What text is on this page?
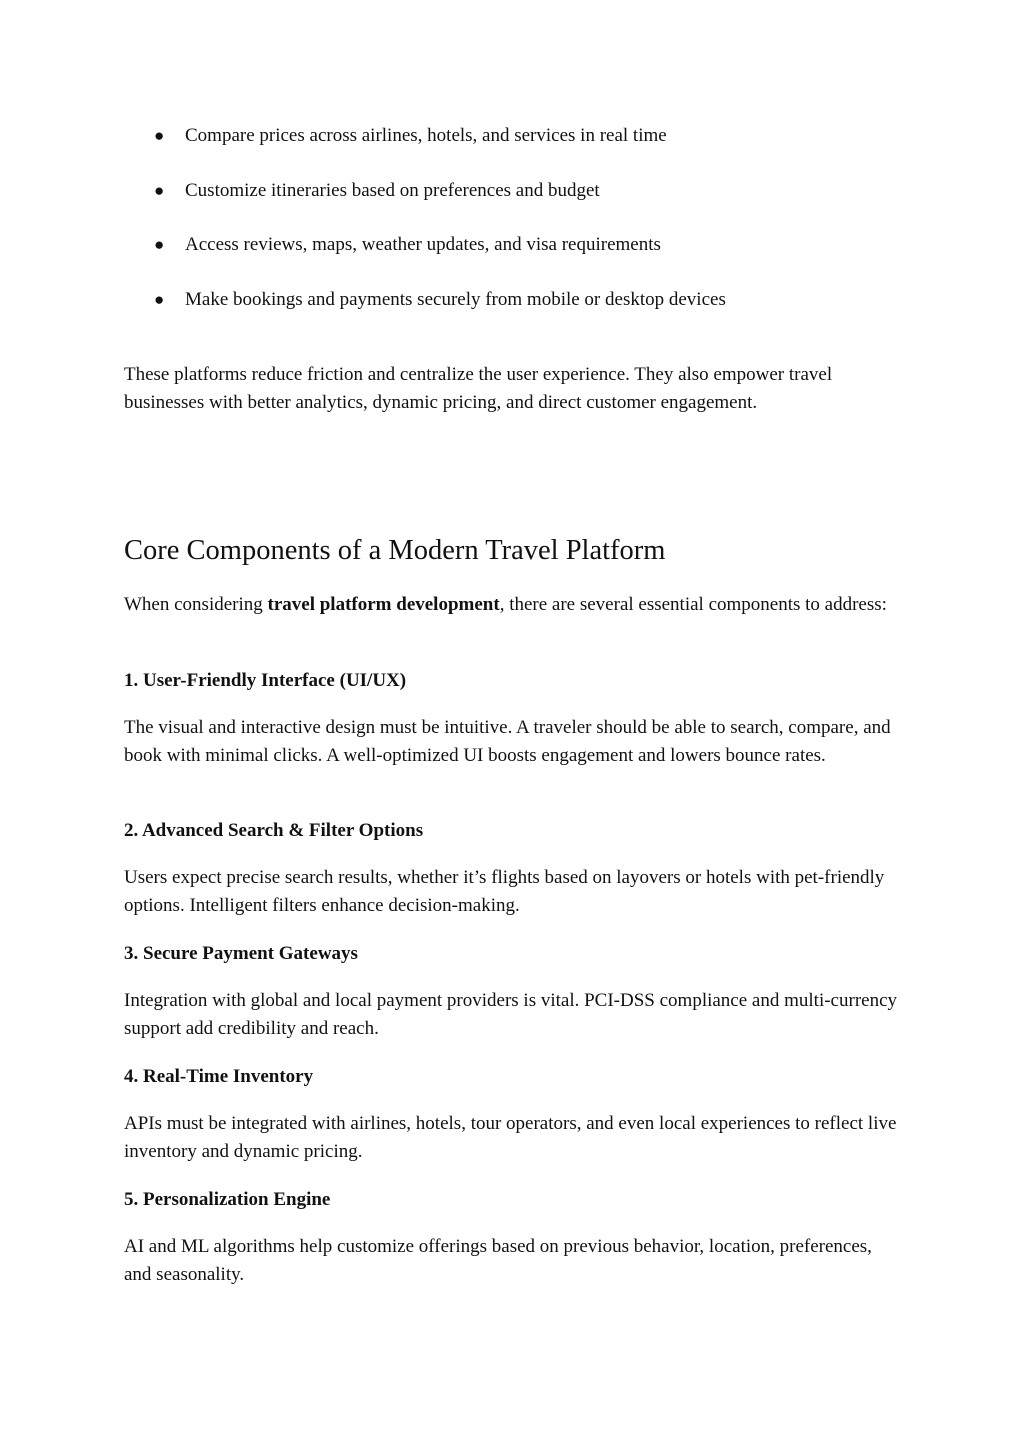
● Compare prices across airlines, hotels, and services in real time
● Customize itineraries based on preferences and budget
● Access reviews, maps, weather updates, and visa requirements
● Make bookings and payments securely from mobile or desktop devices

These platforms reduce friction and centralize the user experience. They also empower travel businesses with better analytics, dynamic pricing, and direct customer engagement.

Core Components of a Modern Travel Platform

When considering travel platform development, there are several essential components to address:

1. User-Friendly Interface (UI/UX)

The visual and interactive design must be intuitive. A traveler should be able to search, compare, and book with minimal clicks. A well-optimized UI boosts engagement and lowers bounce rates.

2. Advanced Search & Filter Options

Users expect precise search results, whether it’s flights based on layovers or hotels with pet-friendly options. Intelligent filters enhance decision-making.

3. Secure Payment Gateways

Integration with global and local payment providers is vital. PCI-DSS compliance and multi-currency support add credibility and reach.

4. Real-Time Inventory

APIs must be integrated with airlines, hotels, tour operators, and even local experiences to reflect live inventory and dynamic pricing.

5. Personalization Engine

AI and ML algorithms help customize offerings based on previous behavior, location, preferences, and seasonality.
